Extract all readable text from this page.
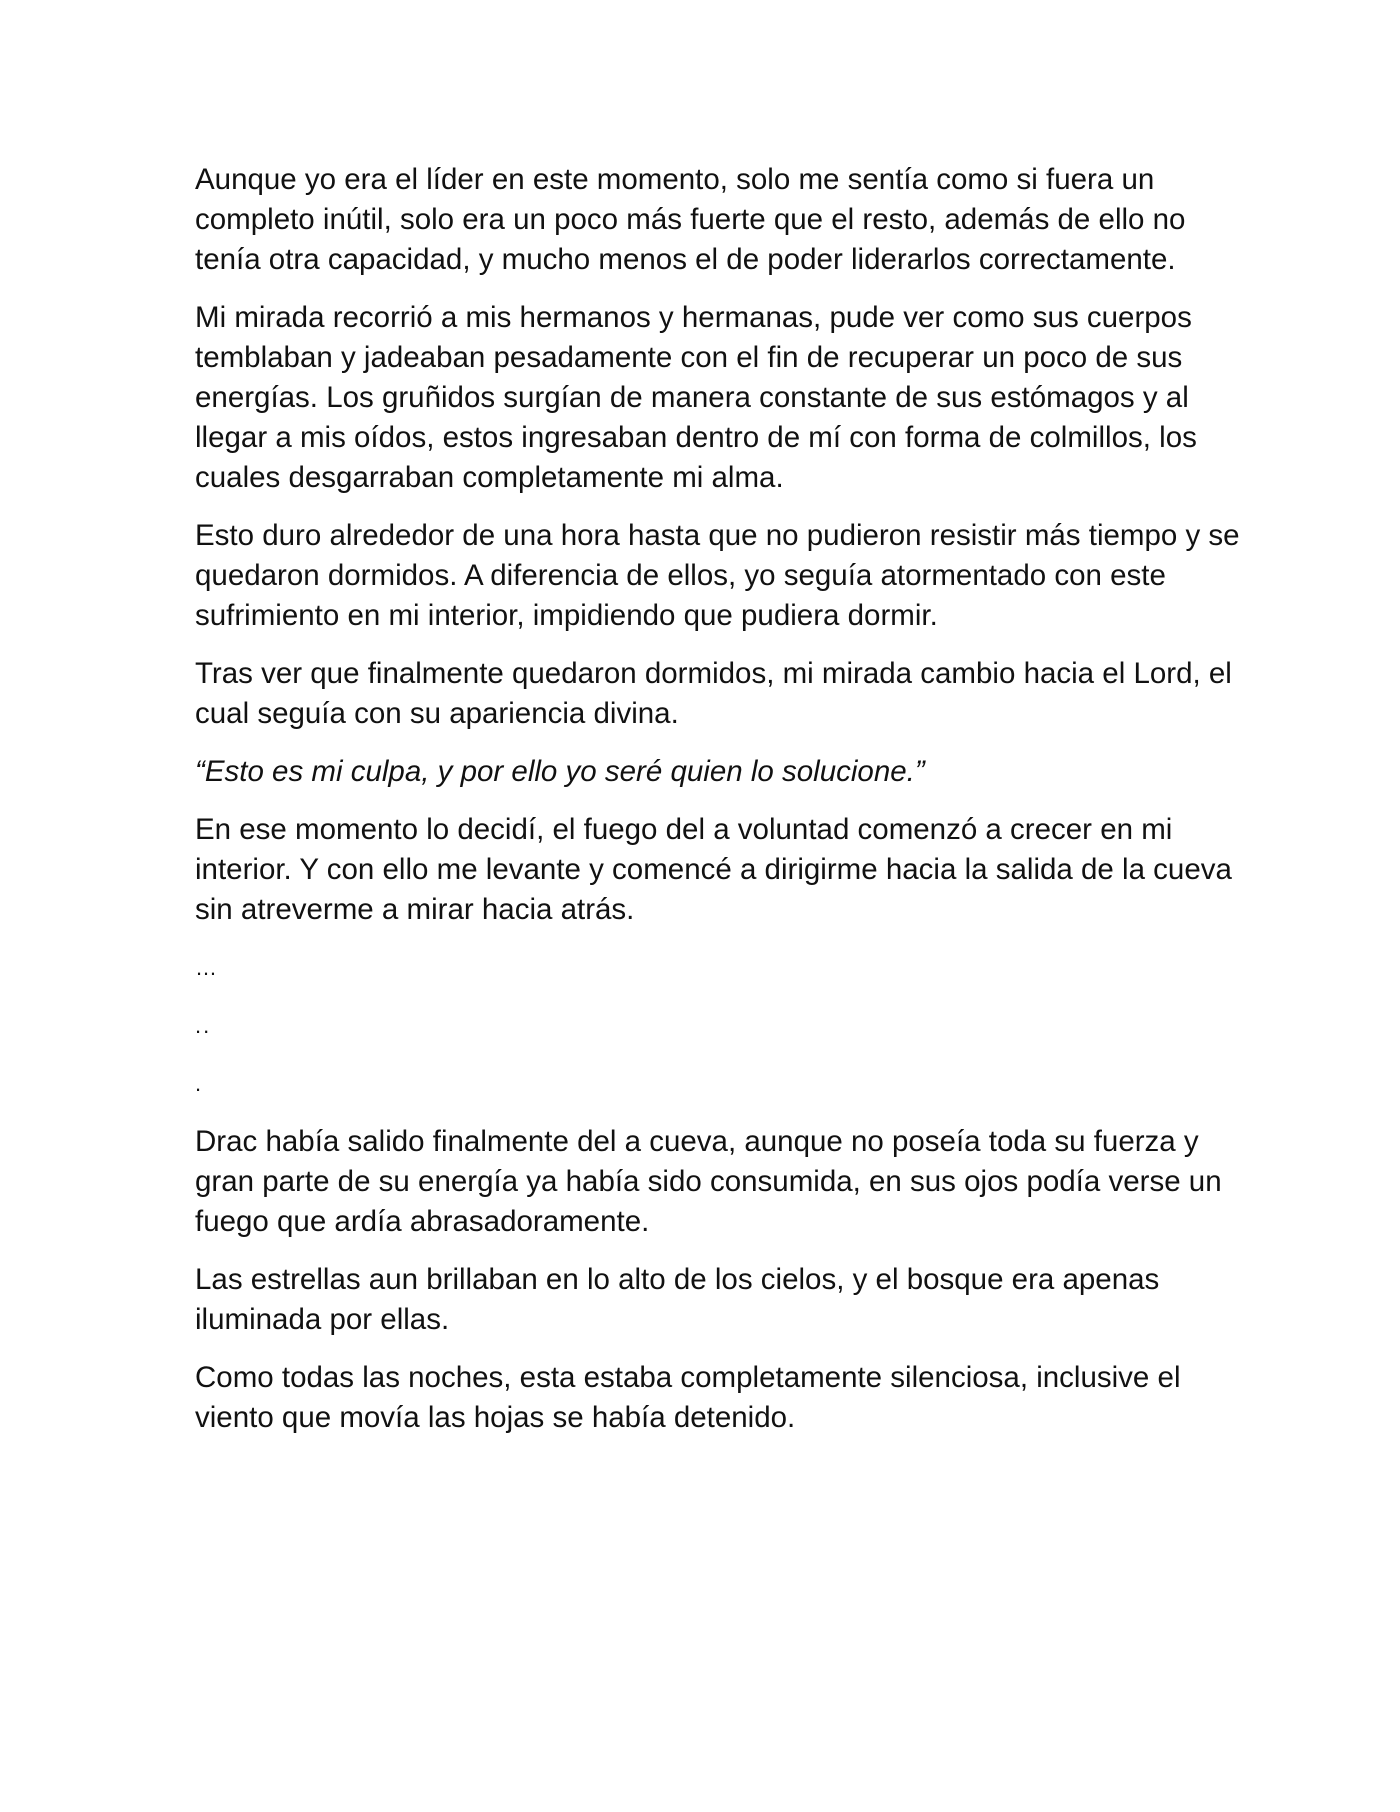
Aunque yo era el líder en este momento, solo me sentía como si fuera un completo inútil, solo era un poco más fuerte que el resto, además de ello no tenía otra capacidad, y mucho menos el de poder liderarlos correctamente.

Mi mirada recorrió a mis hermanos y hermanas, pude ver como sus cuerpos temblaban y jadeaban pesadamente con el fin de recuperar un poco de sus energías. Los gruñidos surgían de manera constante de sus estómagos y al llegar a mis oídos, estos ingresaban dentro de mí con forma de colmillos, los cuales desgarraban completamente mi alma.

Esto duro alrededor de una hora hasta que no pudieron resistir más tiempo y se quedaron dormidos. A diferencia de ellos, yo seguía atormentado con este sufrimiento en mi interior, impidiendo que pudiera dormir.

Tras ver que finalmente quedaron dormidos, mi mirada cambio hacia el Lord, el cual seguía con su apariencia divina.

“Esto es mi culpa, y por ello yo seré quien lo solucione.”

En ese momento lo decidí, el fuego del a voluntad comenzó a crecer en mi interior. Y con ello me levante y comencé a dirigirme hacia la salida de la cueva sin atreverme a mirar hacia atrás.

…

..

.

Drac había salido finalmente del a cueva, aunque no poseía toda su fuerza y gran parte de su energía ya había sido consumida, en sus ojos podía verse un fuego que ardía abrasadoramente.

Las estrellas aun brillaban en lo alto de los cielos, y el bosque era apenas iluminada por ellas.

Como todas las noches, esta estaba completamente silenciosa, inclusive el viento que movía las hojas se había detenido.
